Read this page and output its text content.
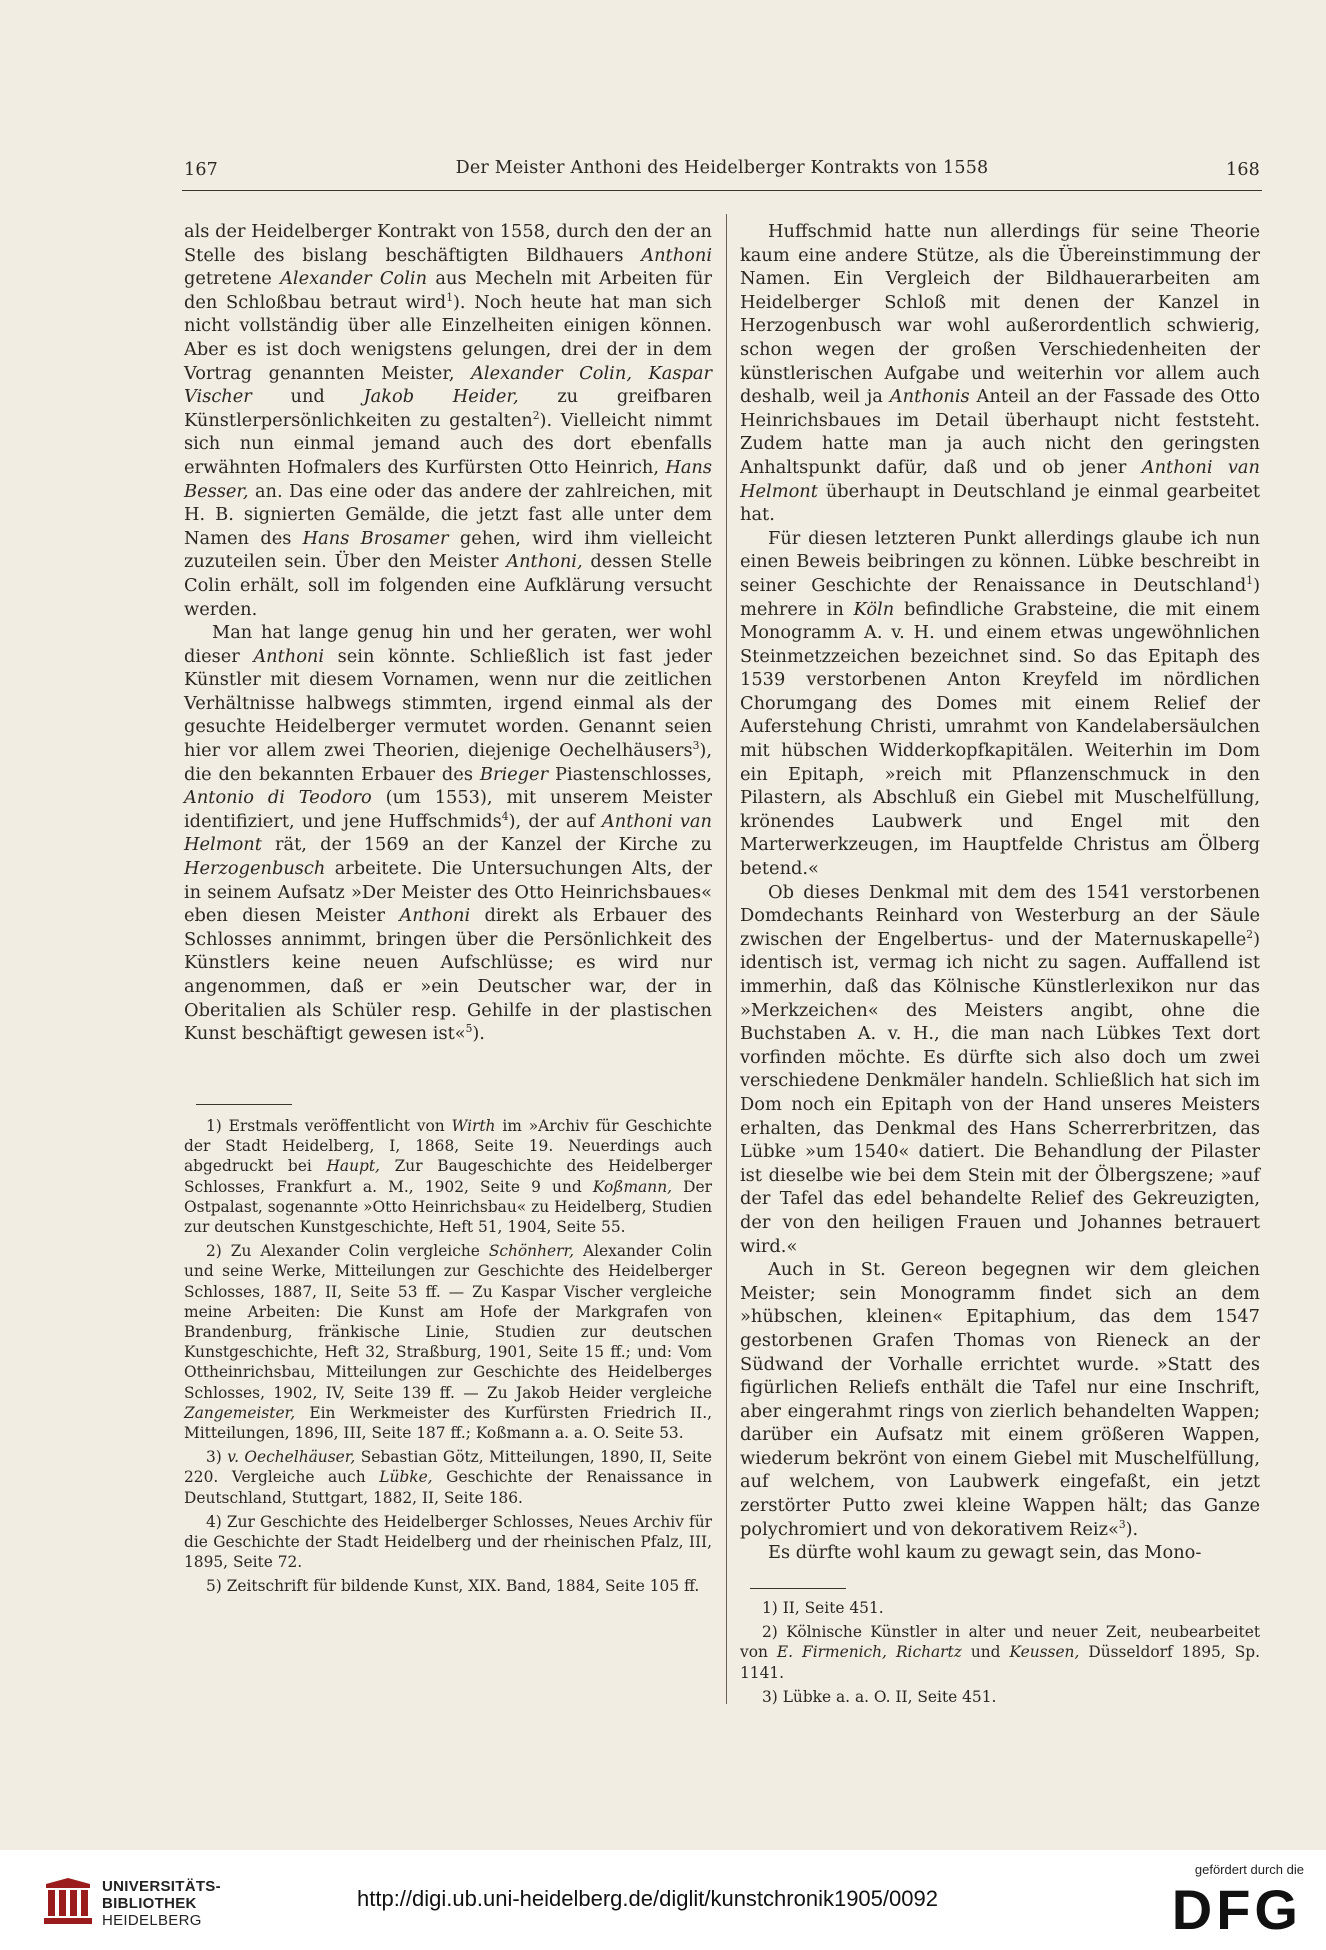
167	Der Meister Anthoni des Heidelberger Kontrakts von 1558	168

als der Heidelberger Kontrakt von 1558, durch den der an Stelle des bislang beschäftigten Bildhauers Anthoni getretene Alexander Colin aus Mecheln mit Arbeiten für den Schloßbau betraut wird$^1$). Noch heute hat man sich nicht vollständig über alle Einzelheiten einigen können. Aber es ist doch wenigstens gelungen, drei der in dem Vortrag genannten Meister, Alexander Colin, Kaspar Vischer und Jakob Heider, zu greifbaren Künstlerpersönlichkeiten zu gestalten$^2$). Vielleicht nimmt sich nun einmal jemand auch des dort ebenfalls erwähnten Hofmalers des Kurfürsten Otto Heinrich, Hans Besser, an. Das eine oder das andere der zahlreichen, mit H. B. signierten Gemälde, die jetzt fast alle unter dem Namen des Hans Brosamer gehen, wird ihm vielleicht zuzuteilen sein. Über den Meister Anthoni, dessen Stelle Colin erhält, soll im folgenden eine Aufklärung versucht werden.

Man hat lange genug hin und her geraten, wer wohl dieser Anthoni sein könnte. Schließlich ist fast jeder Künstler mit diesem Vornamen, wenn nur die zeitlichen Verhältnisse halbwegs stimmten, irgend einmal als der gesuchte Heidelberger vermutet worden. Genannt seien hier vor allem zwei Theorien, diejenige Oechelhäusers$^3$), die den bekannten Erbauer des Brieger Piastenschlosses, Antonio di Teodoro (um 1553), mit unserem Meister identifiziert, und jene Huffschmids$^4$), der auf Anthoni van Helmont rät, der 1569 an der Kanzel der Kirche zu Herzogenbusch arbeitete. Die Untersuchungen Alts, der in seinem Aufsatz »Der Meister des Otto Heinrichsbaues« eben diesen Meister Anthoni direkt als Erbauer des Schlosses annimmt, bringen über die Persönlichkeit des Künstlers keine neuen Aufschlüsse; es wird nur angenommen, daß er »ein Deutscher war, der in Oberitalien als Schüler resp. Gehilfe in der plastischen Kunst beschäftigt gewesen ist«$^5$).

1) Erstmals veröffentlicht von Wirth im »Archiv für Geschichte der Stadt Heidelberg, I, 1868, Seite 19. Neuerdings auch abgedruckt bei Haupt, Zur Baugeschichte des Heidelberger Schlosses, Frankfurt a. M., 1902, Seite 9 und Koßmann, Der Ostpalast, sogenannte »Otto Heinrichsbau« zu Heidelberg, Studien zur deutschen Kunstgeschichte, Heft 51, 1904, Seite 55.

2) Zu Alexander Colin vergleiche Schönherr, Alexander Colin und seine Werke, Mitteilungen zur Geschichte des Heidelberger Schlosses, 1887, II, Seite 53 ff. — Zu Kaspar Vischer vergleiche meine Arbeiten: Die Kunst am Hofe der Markgrafen von Brandenburg, fränkische Linie, Studien zur deutschen Kunstgeschichte, Heft 32, Straßburg, 1901, Seite 15 ff.; und: Vom Ottheinrichsbau, Mitteilungen zur Geschichte des Heidelberges Schlosses, 1902, IV, Seite 139 ff. — Zu Jakob Heider vergleiche Zangemeister, Ein Werkmeister des Kurfürsten Friedrich II., Mitteilungen, 1896, III, Seite 187 ff.; Koßmann a. a. O. Seite 53.

3) v. Oechelhäuser, Sebastian Götz, Mitteilungen, 1890, II, Seite 220. Vergleiche auch Lübke, Geschichte der Renaissance in Deutschland, Stuttgart, 1882, II, Seite 186.

4) Zur Geschichte des Heidelberger Schlosses, Neues Archiv für die Geschichte der Stadt Heidelberg und der rheinischen Pfalz, III, 1895, Seite 72.

5) Zeitschrift für bildende Kunst, XIX. Band, 1884, Seite 105 ff.

Huffschmid hatte nun allerdings für seine Theorie kaum eine andere Stütze, als die Übereinstimmung der Namen. Ein Vergleich der Bildhauerarbeiten am Heidelberger Schloß mit denen der Kanzel in Herzogenbusch war wohl außerordentlich schwierig, schon wegen der großen Verschiedenheiten der künstlerischen Aufgabe und weiterhin vor allem auch deshalb, weil ja Anthonis Anteil an der Fassade des Otto Heinrichsbaues im Detail überhaupt nicht feststeht. Zudem hatte man ja auch nicht den geringsten Anhaltspunkt dafür, daß und ob jener Anthoni van Helmont überhaupt in Deutschland je einmal gearbeitet hat.

Für diesen letzteren Punkt allerdings glaube ich nun einen Beweis beibringen zu können. Lübke beschreibt in seiner Geschichte der Renaissance in Deutschland$^1$) mehrere in Köln befindliche Grabsteine, die mit einem Monogramm A. v. H. und einem etwas ungewöhnlichen Steinmetzzeichen bezeichnet sind. So das Epitaph des 1539 verstorbenen Anton Kreyfeld im nördlichen Chorumgang des Domes mit einem Relief der Auferstehung Christi, umrahmt von Kandelabersäulchen mit hübschen Widderkopfkapitälen. Weiterhin im Dom ein Epitaph, »reich mit Pflanzenschmuck in den Pilastern, als Abschluß ein Giebel mit Muschelfüllung, krönendes Laubwerk und Engel mit den Marterwerkzeugen, im Hauptfelde Christus am Ölberg betend.«

Ob dieses Denkmal mit dem des 1541 verstorbenen Domdechants Reinhard von Westerburg an der Säule zwischen der Engelbertus- und der Maternuskapelle$^2$) identisch ist, vermag ich nicht zu sagen. Auffallend ist immerhin, daß das Kölnische Künstlerlexikon nur das »Merkzeichen« des Meisters angibt, ohne die Buchstaben A. v. H., die man nach Lübkes Text dort vorfinden möchte. Es dürfte sich also doch um zwei verschiedene Denkmäler handeln. Schließlich hat sich im Dom noch ein Epitaph von der Hand unseres Meisters erhalten, das Denkmal des Hans Scherrerbritzen, das Lübke »um 1540« datiert. Die Behandlung der Pilaster ist dieselbe wie bei dem Stein mit der Ölbergszene; »auf der Tafel das edel behandelte Relief des Gekreuzigten, der von den heiligen Frauen und Johannes betrauert wird.«

Auch in St. Gereon begegnen wir dem gleichen Meister; sein Monogramm findet sich an dem »hübschen, kleinen« Epitaphium, das dem 1547 gestorbenen Grafen Thomas von Rieneck an der Südwand der Vorhalle errichtet wurde. »Statt des figürlichen Reliefs enthält die Tafel nur eine Inschrift, aber eingerahmt rings von zierlich behandelten Wappen; darüber ein Aufsatz mit einem größeren Wappen, wiederum bekrönt von einem Giebel mit Muschelfüllung, auf welchem, von Laubwerk eingefaßt, ein jetzt zerstörter Putto zwei kleine Wappen hält; das Ganze polychromiert und von dekorativem Reiz«$^3$).

Es dürfte wohl kaum zu gewagt sein, das Mono-

1) II, Seite 451.

2) Kölnische Künstler in alter und neuer Zeit, neubearbeitet von E. Firmenich, Richartz und Keussen, Düsseldorf 1895, Sp. 1141.

3) Lübke a. a. O. II, Seite 451.

UNIVERSITÄTS-
BIBLIOTHEK
HEIDELBERG
http://digi.ub.uni-heidelberg.de/diglit/kunstchronik1905/0092
gefördert durch die
DFG
